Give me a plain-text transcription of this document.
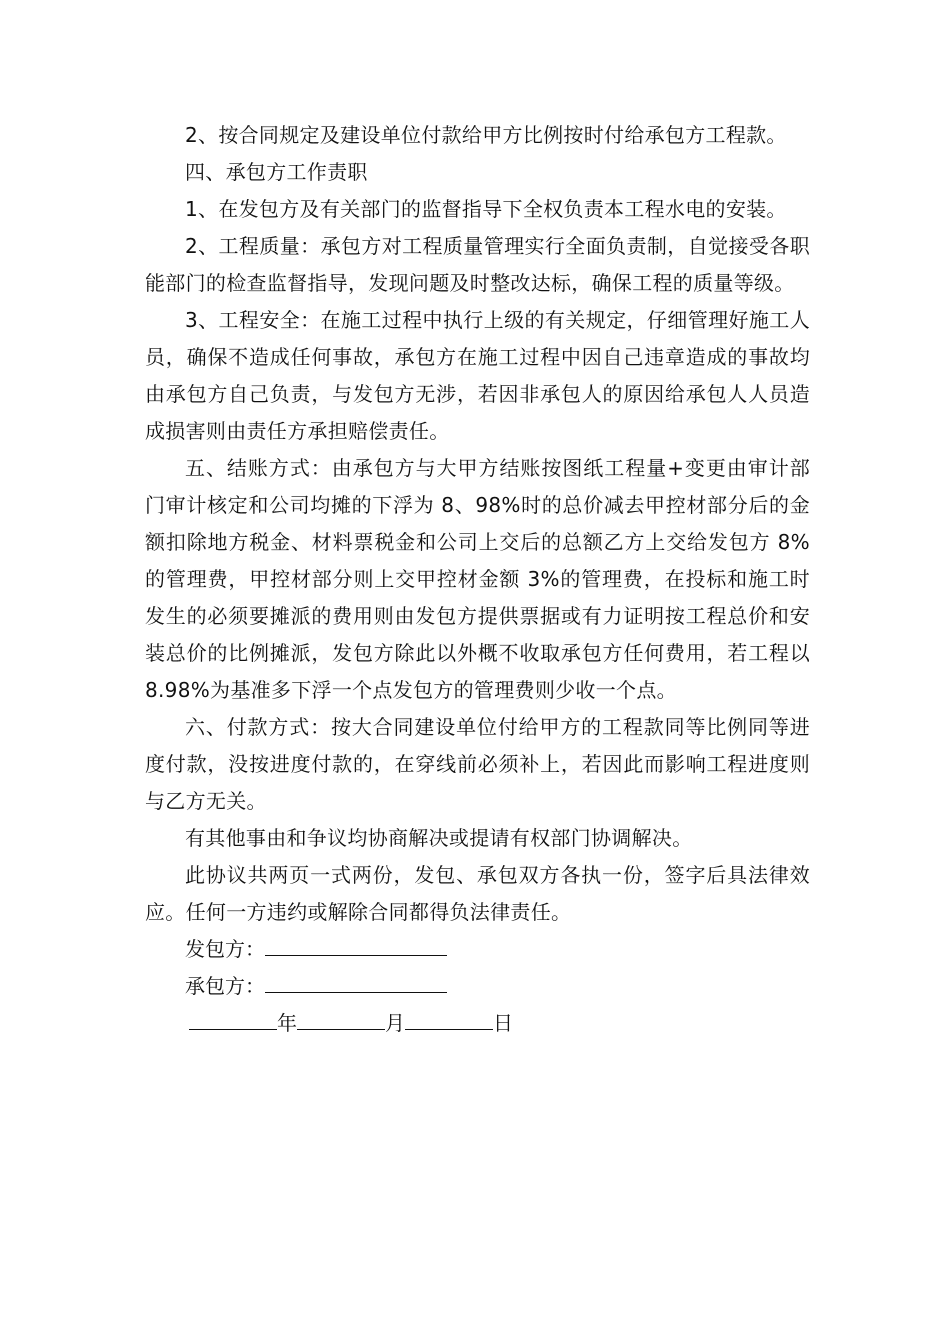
2、按合同规定及建设单位付款给甲方比例按时付给承包方工程款。

四、承包方工作责职

1、在发包方及有关部门的监督指导下全权负责本工程水电的安装。

2、工程质量：承包方对工程质量管理实行全面负责制，自觉接受各职能部门的检查监督指导，发现问题及时整改达标，确保工程的质量等级。

3、工程安全：在施工过程中执行上级的有关规定，仔细管理好施工人员，确保不造成任何事故，承包方在施工过程中因自己违章造成的事故均由承包方自己负责，与发包方无涉，若因非承包人的原因给承包人人员造成损害则由责任方承担赔偿责任。

五、结账方式：由承包方与大甲方结账按图纸工程量+变更由审计部门审计核定和公司均摊的下浮为 8、98%时的总价减去甲控材部分后的金额扣除地方税金、材料票税金和公司上交后的总额乙方上交给发包方 8%的管理费，甲控材部分则上交甲控材金额 3%的管理费，在投标和施工时发生的必须要摊派的费用则由发包方提供票据或有力证明按工程总价和安装总价的比例摊派，发包方除此以外概不收取承包方任何费用，若工程以 8.98%为基准多下浮一个点发包方的管理费则少收一个点。

六、付款方式：按大合同建设单位付给甲方的工程款同等比例同等进度付款，没按进度付款的，在穿线前必须补上，若因此而影响工程进度则与乙方无关。

有其他事由和争议均协商解决或提请有权部门协调解决。

此协议共两页一式两份，发包、承包双方各执一份，签字后具法律效应。任何一方违约或解除合同都得负法律责任。

发包方：

承包方：

年	月	日
